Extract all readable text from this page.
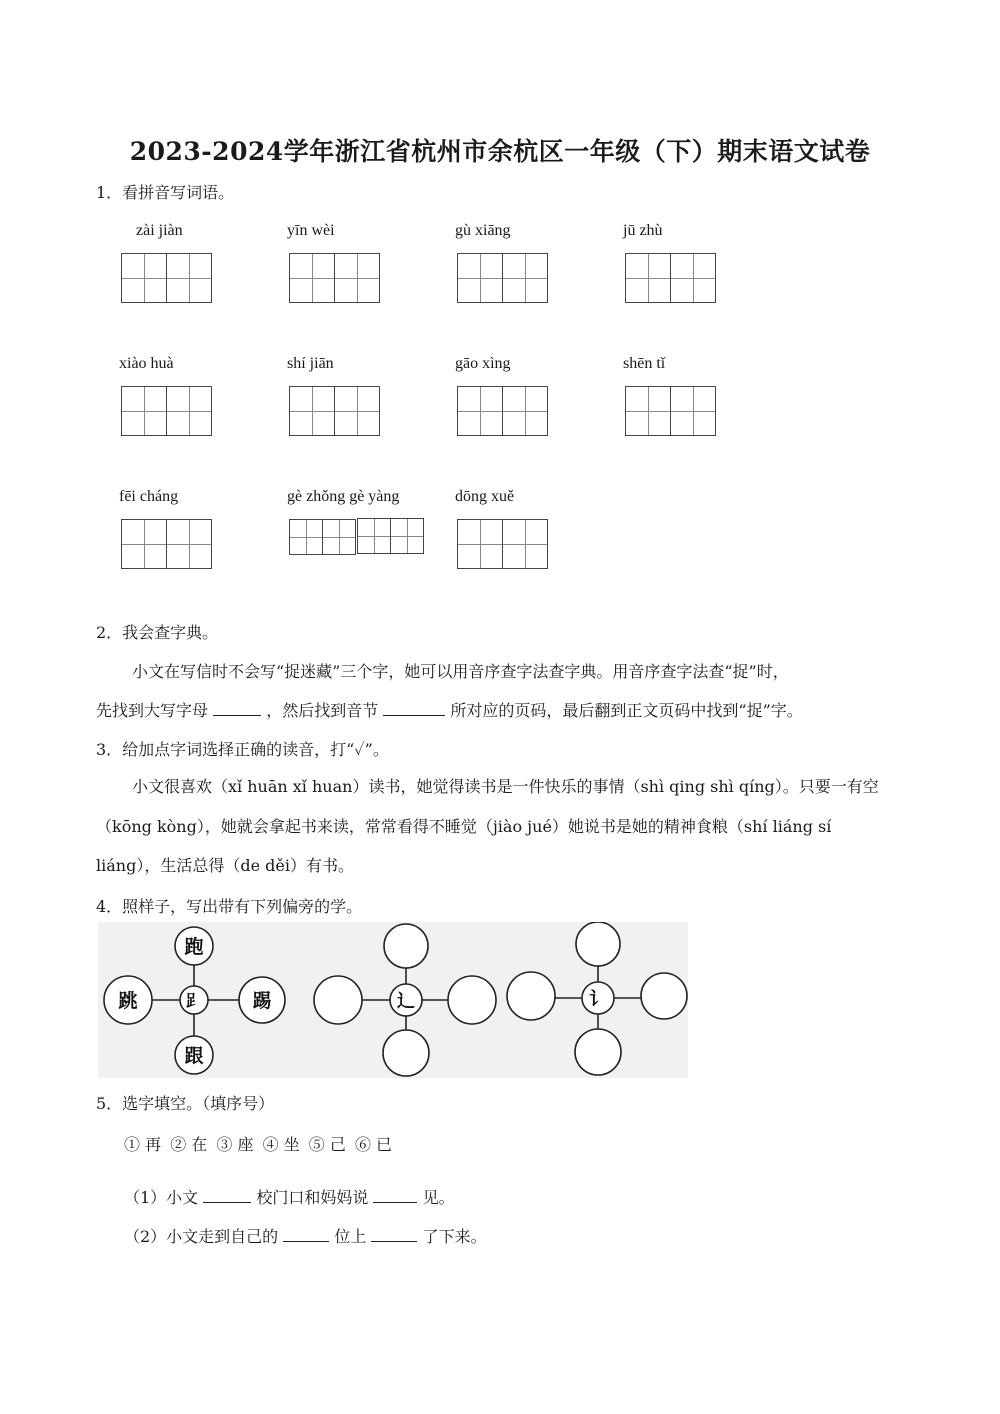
2023-2024学年浙江省杭州市余杭区一年级（下）期末语文试卷
1．看拼音写词语。
zài jiàn	yīn wèi	gù xiāng	jū zhù
xiào huà	shí jiān	gāo xìng	shēn tǐ
fēi cháng	gè zhǒng gè yàng	dōng xuě
2．我会查字典。
小文在写信时不会写“捉迷藏”三个字，她可以用音序查字法查字典。用音序查字法查“捉”时，
先找到大写字母	，然后找到音节	所对应的页码，最后翻到正文页码中找到“捉”字。
3．给加点字词选择正确的读音，打“✓”。
小文很喜欢（xǐ huān xǐ huan）读书，她觉得读书是一件快乐的事情（shì qing shì qíng）。只要一有空
（kōng kòng），她就会拿起书来读，常常看得不睡觉（jiào jué）她说书是她的精神食粮（shí liáng sí
liáng），生活总得（de děi）有书。
4．照样子，写出带有下列偏旁的学。
跑
跳	𧾷	踢
跟
⻌	讠
5．选字填空。（填序号）
① 再 ② 在 ③ 座 ④ 坐 ⑤ 己 ⑥ 已
（1）小文	校门口和妈妈说	见。
（2）小文走到自己的	位上	了下来。
